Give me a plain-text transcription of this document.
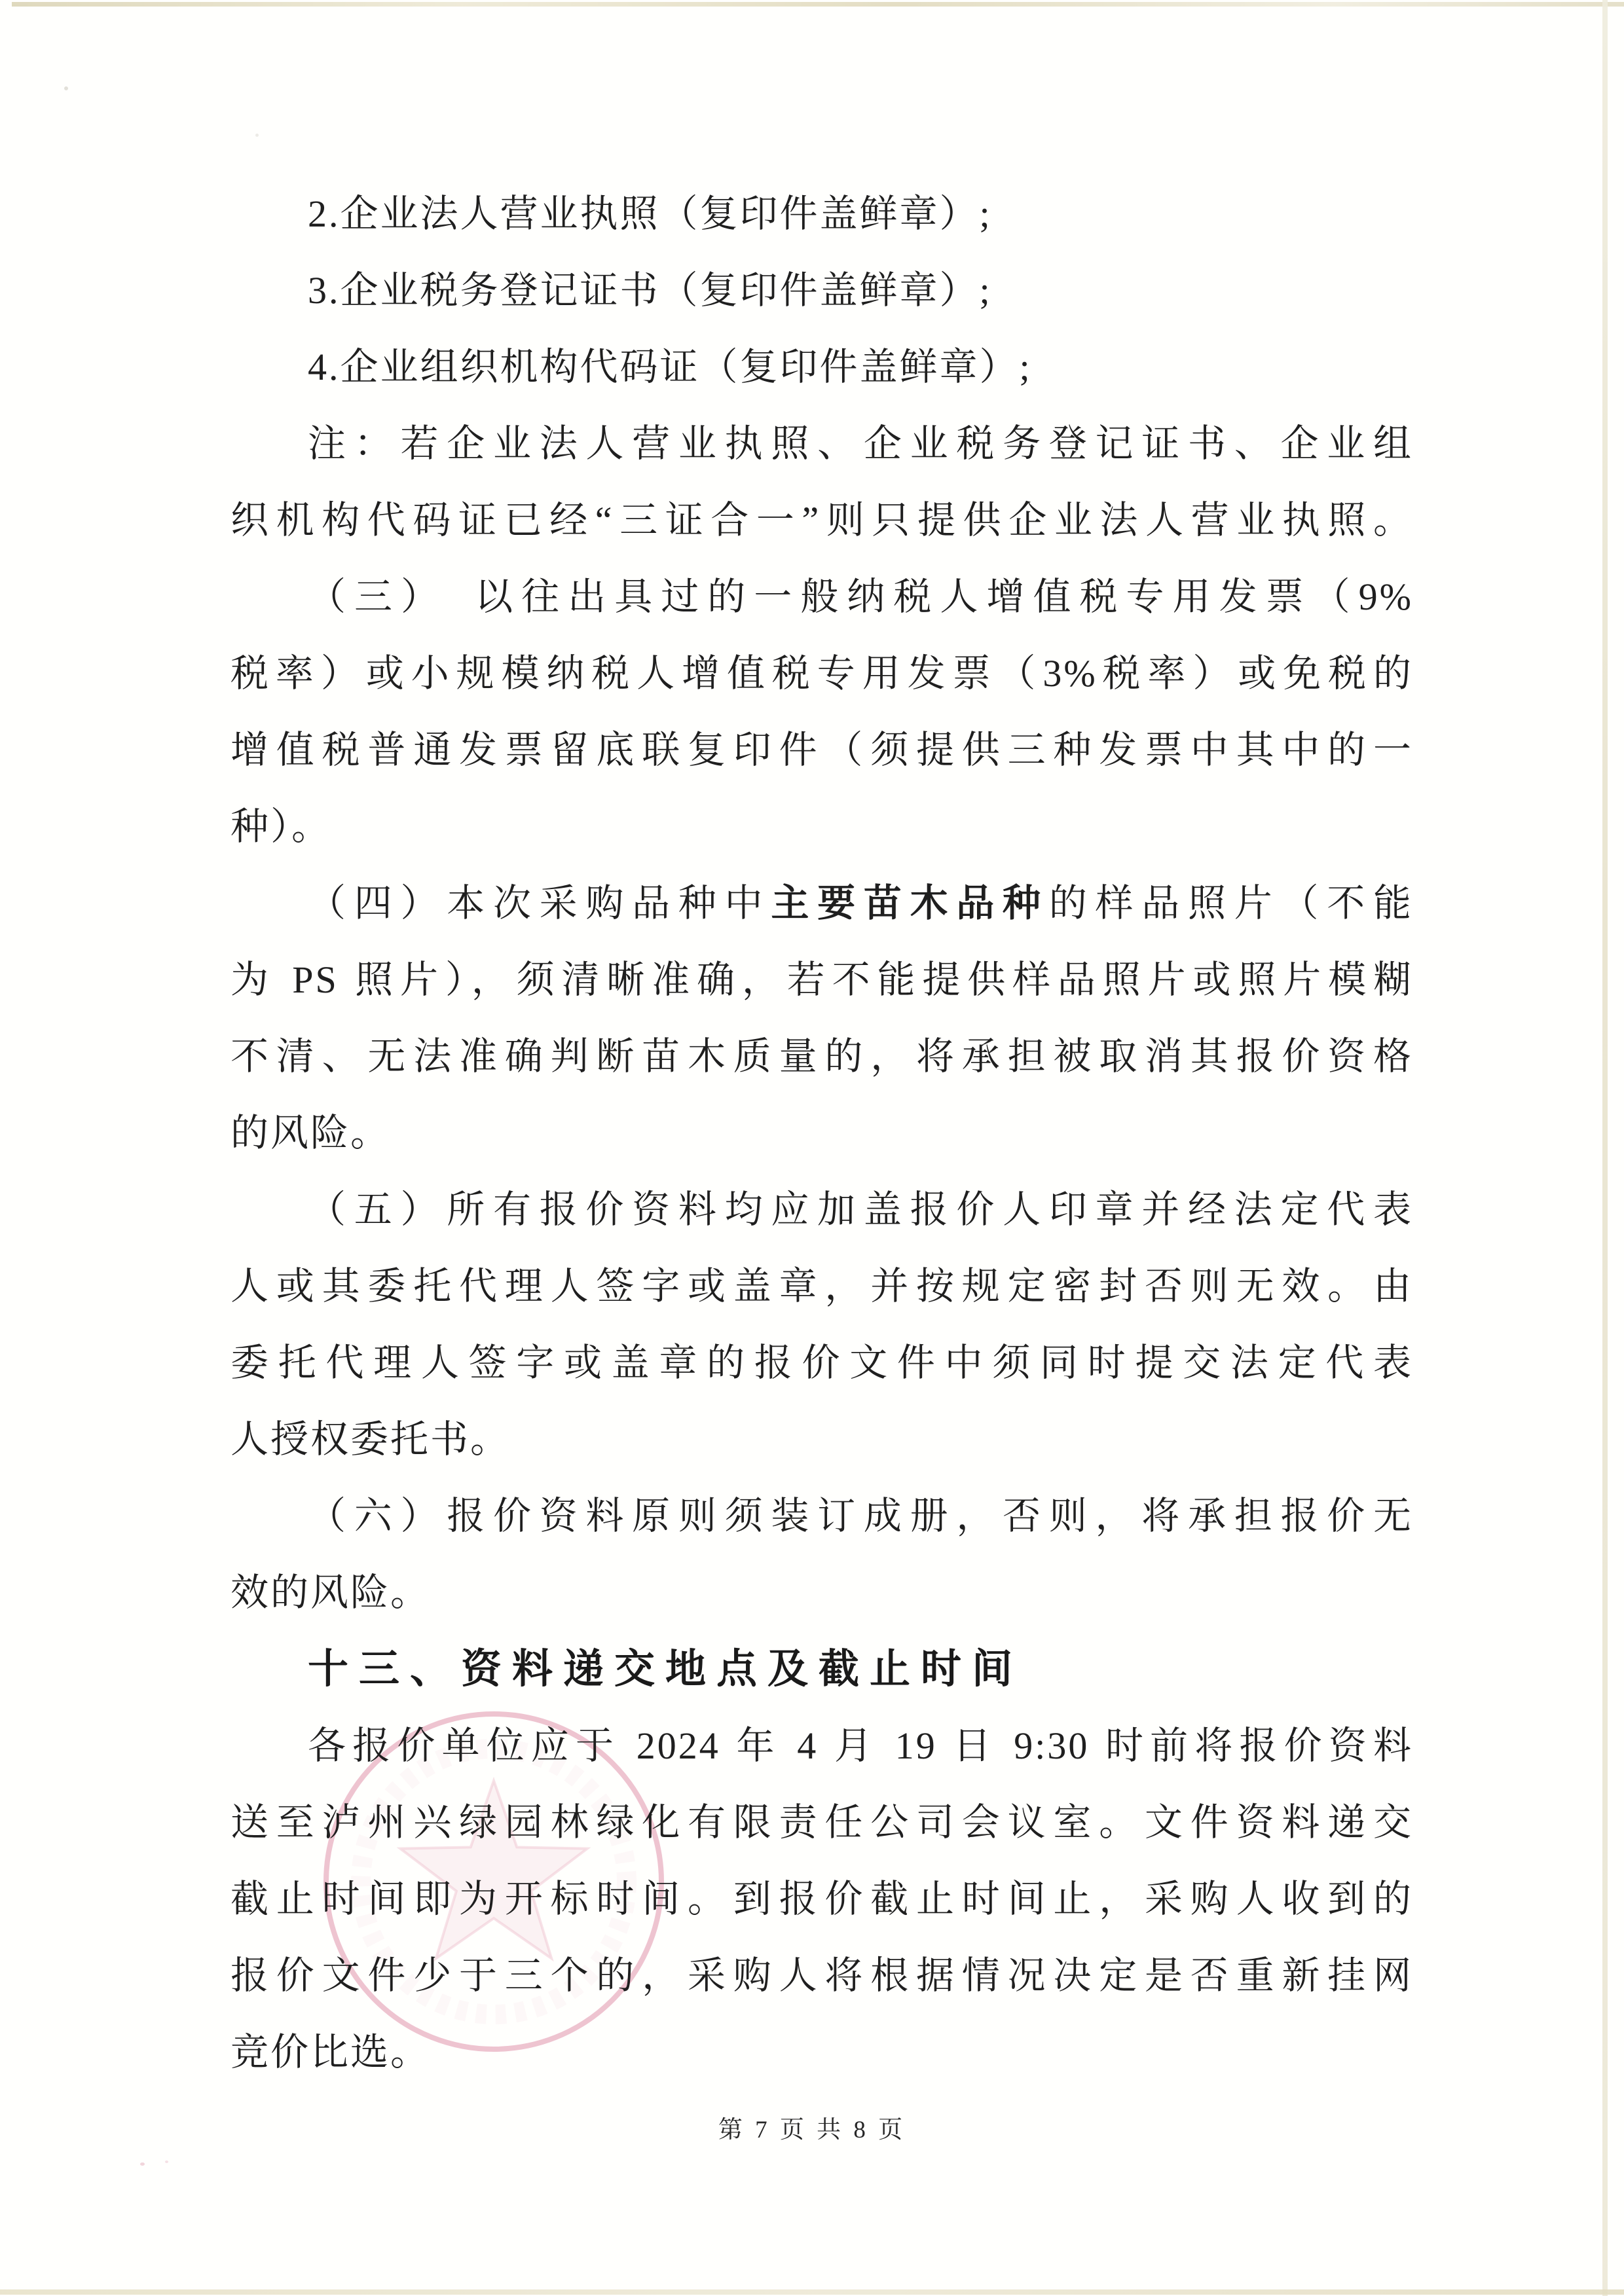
2.企业法人营业执照（复印件盖鲜章）;
3.企业税务登记证书（复印件盖鲜章）;
4.企业组织机构代码证（复印件盖鲜章）;
注：若企业法人营业执照、企业税务登记证书、企业组
织机构代码证已经“三证合一”则只提供企业法人营业执照。
（三）　以往出具过的一般纳税人增值税专用发票（9%
税率）或小规模纳税人增值税专用发票（3%税率）或免税的
增值税普通发票留底联复印件（须提供三种发票中其中的一
种）。
（四）本次采购品种中主要苗木品种的样品照片（不能
为 PS 照片），须清晰准确，若不能提供样品照片或照片模糊
不清、无法准确判断苗木质量的，将承担被取消其报价资格
的风险。
（五）所有报价资料均应加盖报价人印章并经法定代表
人或其委托代理人签字或盖章，并按规定密封否则无效。由
委托代理人签字或盖章的报价文件中须同时提交法定代表
人授权委托书。
（六）报价资料原则须装订成册，否则，将承担报价无
效的风险。
十三、资料递交地点及截止时间
各报价单位应于 2024 年 4 月 19 日 9:30 时前将报价资料
送至泸州兴绿园林绿化有限责任公司会议室。文件资料递交
截止时间即为开标时间。到报价截止时间止，采购人收到的
报价文件少于三个的，采购人将根据情况决定是否重新挂网
竞价比选。
第 7 页 共 8 页
